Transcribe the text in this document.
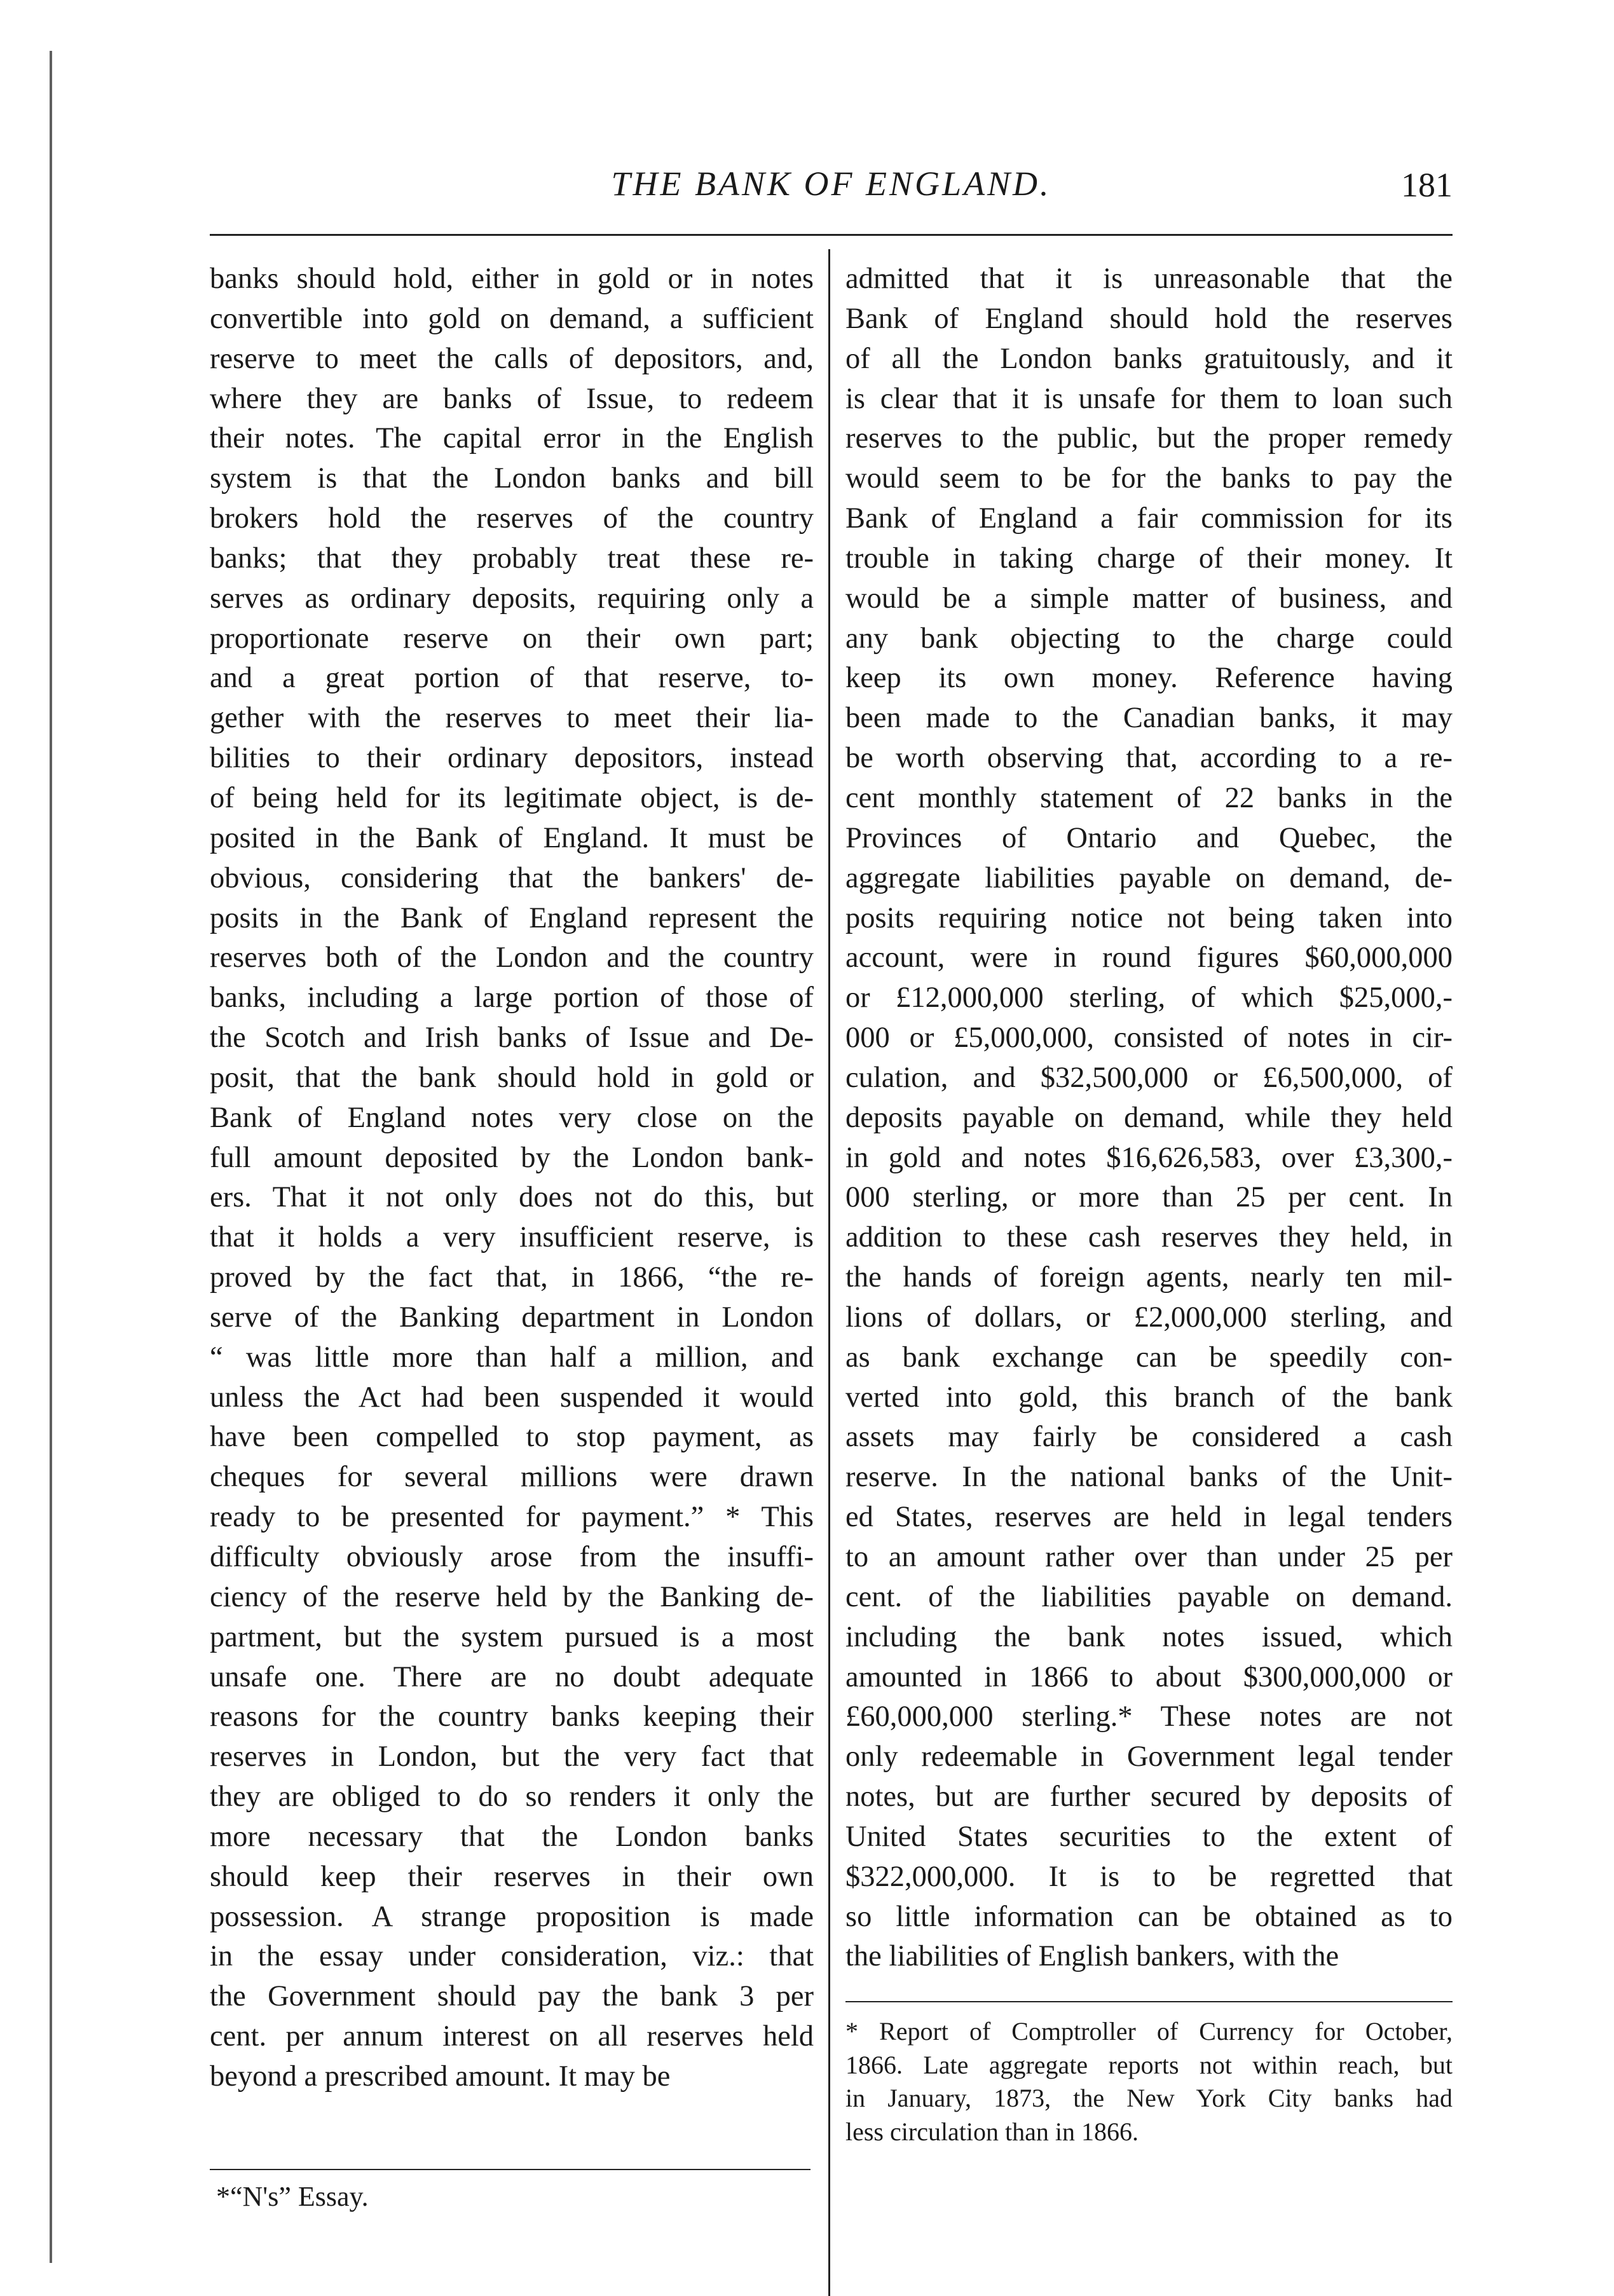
THE BANK OF ENGLAND.	181
banks should hold, either in gold or in notes
convertible into gold on demand, a sufficient
reserve to meet the calls of depositors, and,
where they are banks of Issue, to redeem
their notes. The capital error in the English
system is that the London banks and bill
brokers hold the reserves of the country
banks; that they probably treat these re-
serves as ordinary deposits, requiring only a
proportionate reserve on their own part;
and a great portion of that reserve, to-
gether with the reserves to meet their lia-
bilities to their ordinary depositors, instead
of being held for its legitimate object, is de-
posited in the Bank of England. It must be
obvious, considering that the bankers' de-
posits in the Bank of England represent the
reserves both of the London and the country
banks, including a large portion of those of
the Scotch and Irish banks of Issue and De-
posit, that the bank should hold in gold or
Bank of England notes very close on the
full amount deposited by the London bank-
ers. That it not only does not do this, but
that it holds a very insufficient reserve, is
proved by the fact that, in 1866, “the re-
serve of the Banking department in London
“ was little more than half a million, and
unless the Act had been suspended it would
have been compelled to stop payment, as
cheques for several millions were drawn
ready to be presented for payment.” * This
difficulty obviously arose from the insuffi-
ciency of the reserve held by the Banking de-
partment, but the system pursued is a most
unsafe one. There are no doubt adequate
reasons for the country banks keeping their
reserves in London, but the very fact that
they are obliged to do so renders it only the
more necessary that the London banks
should keep their reserves in their own
possession. A strange proposition is made
in the essay under consideration, viz.: that
the Government should pay the bank 3 per
cent. per annum interest on all reserves held
beyond a prescribed amount. It may be
admitted that it is unreasonable that the
Bank of England should hold the reserves
of all the London banks gratuitously, and it
is clear that it is unsafe for them to loan such
reserves to the public, but the proper remedy
would seem to be for the banks to pay the
Bank of England a fair commission for its
trouble in taking charge of their money. It
would be a simple matter of business, and
any bank objecting to the charge could
keep its own money. Reference having
been made to the Canadian banks, it may
be worth observing that, according to a re-
cent monthly statement of 22 banks in the
Provinces of Ontario and Quebec, the
aggregate liabilities payable on demand, de-
posits requiring notice not being taken into
account, were in round figures $60,000,000
or £12,000,000 sterling, of which $25,000,-
000 or £5,000,000, consisted of notes in cir-
culation, and $32,500,000 or £6,500,000, of
deposits payable on demand, while they held
in gold and notes $16,626,583, over £3,300,-
000 sterling, or more than 25 per cent. In
addition to these cash reserves they held, in
the hands of foreign agents, nearly ten mil-
lions of dollars, or £2,000,000 sterling, and
as bank exchange can be speedily con-
verted into gold, this branch of the bank
assets may fairly be considered a cash
reserve. In the national banks of the Unit-
ed States, reserves are held in legal tenders
to an amount rather over than under 25 per
cent. of the liabilities payable on demand.
including the bank notes issued, which
amounted in 1866 to about $300,000,000 or
£60,000,000 sterling.* These notes are not
only redeemable in Government legal tender
notes, but are further secured by deposits of
United States securities to the extent of
$322,000,000. It is to be regretted that
so little information can be obtained as to
the liabilities of English bankers, with the
*“N's” Essay.
* Report of Comptroller of Currency for October,
1866. Late aggregate reports not within reach, but
in January, 1873, the New York City banks had
less circulation than in 1866.
